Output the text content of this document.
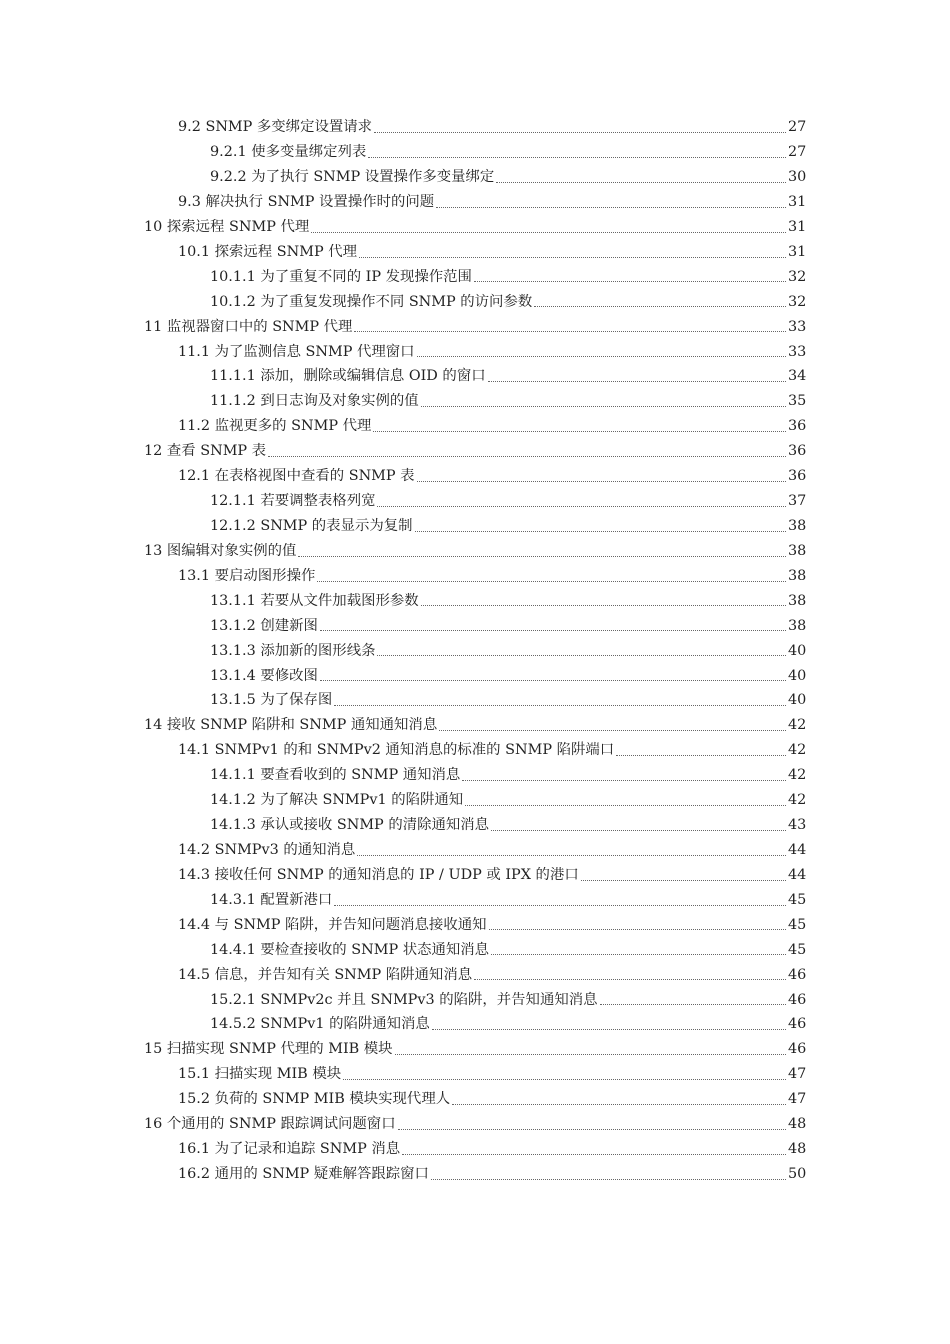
9.2 SNMP 多变绑定设置请求	27
9.2.1 使多变量绑定列表	27
9.2.2 为了执行 SNMP 设置操作多变量绑定	30
9.3 解决执行 SNMP 设置操作时的问题	31
10 探索远程 SNMP 代理	31
10.1 探索远程 SNMP 代理	31
10.1.1 为了重复不同的 IP 发现操作范围	32
10.1.2 为了重复发现操作不同 SNMP 的访问参数	32
11 监视器窗口中的 SNMP 代理	33
11.1 为了监测信息 SNMP 代理窗口	33
11.1.1 添加，删除或编辑信息 OID 的窗口	34
11.1.2 到日志询及对象实例的值	35
11.2 监视更多的 SNMP 代理	36
12 查看 SNMP 表	36
12.1 在表格视图中查看的 SNMP 表	36
12.1.1 若要调整表格列宽	37
12.1.2 SNMP 的表显示为复制	38
13 图编辑对象实例的值	38
13.1 要启动图形操作	38
13.1.1 若要从文件加载图形参数	38
13.1.2 创建新图	38
13.1.3 添加新的图形线条	40
13.1.4 要修改图	40
13.1.5 为了保存图	40
14 接收 SNMP 陷阱和 SNMP 通知通知消息	42
14.1 SNMPv1 的和 SNMPv2 通知消息的标准的 SNMP 陷阱端口	42
14.1.1 要查看收到的 SNMP 通知消息	42
14.1.2 为了解决 SNMPv1 的陷阱通知	42
14.1.3 承认或接收 SNMP 的清除通知消息	43
14.2 SNMPv3 的通知消息	44
14.3 接收任何 SNMP 的通知消息的 IP / UDP 或 IPX 的港口	44
14.3.1 配置新港口	45
14.4 与 SNMP 陷阱，并告知问题消息接收通知	45
14.4.1 要检查接收的 SNMP 状态通知消息	45
14.5 信息，并告知有关 SNMP 陷阱通知消息	46
15.2.1 SNMPv2c 并且 SNMPv3 的陷阱，并告知通知消息	46
14.5.2 SNMPv1 的陷阱通知消息	46
15 扫描实现 SNMP 代理的 MIB 模块	46
15.1 扫描实现 MIB 模块	47
15.2 负荷的 SNMP MIB 模块实现代理人	47
16 个通用的 SNMP 跟踪调试问题窗口	48
16.1 为了记录和追踪 SNMP 消息	48
16.2 通用的 SNMP 疑难解答跟踪窗口	50
